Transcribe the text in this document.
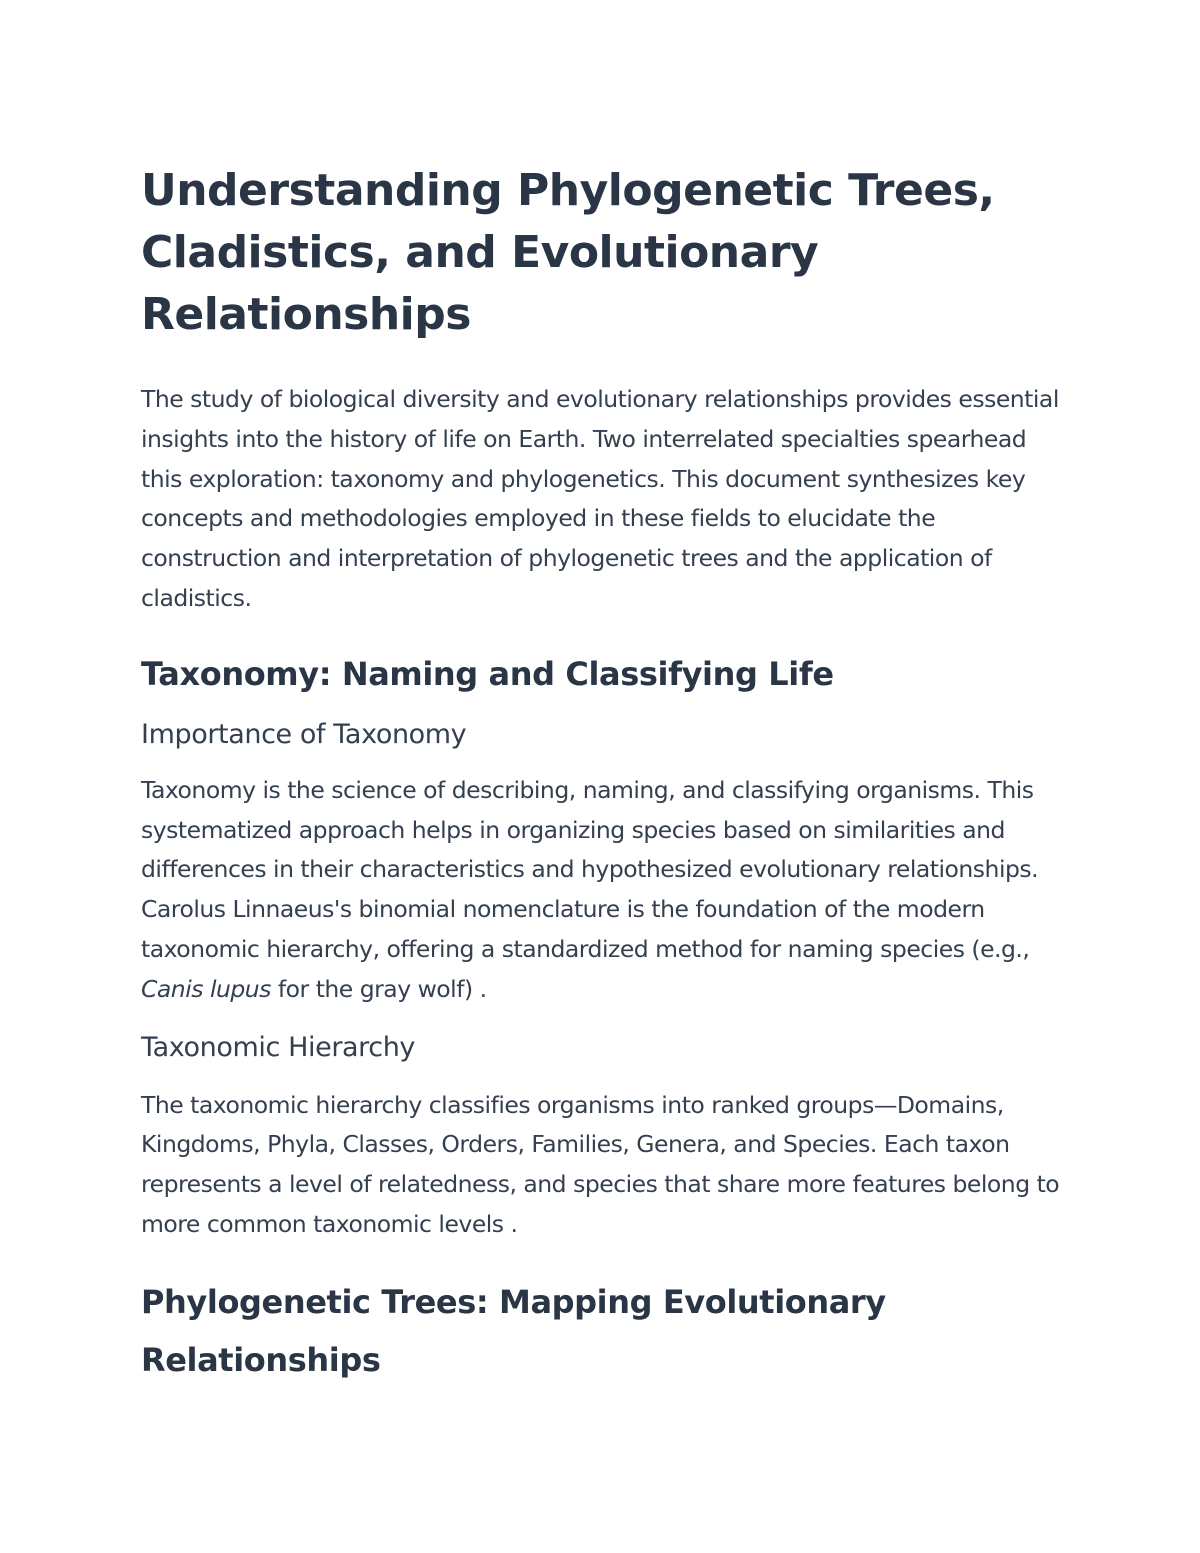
Understanding Phylogenetic Trees, Cladistics, and Evolutionary Relationships

The study of biological diversity and evolutionary relationships provides essential insights into the history of life on Earth. Two interrelated specialties spearhead this exploration: taxonomy and phylogenetics. This document synthesizes key concepts and methodologies employed in these fields to elucidate the construction and interpretation of phylogenetic trees and the application of cladistics.

Taxonomy: Naming and Classifying Life
Importance of Taxonomy

Taxonomy is the science of describing, naming, and classifying organisms. This systematized approach helps in organizing species based on similarities and differences in their characteristics and hypothesized evolutionary relationships. Carolus Linnaeus's binomial nomenclature is the foundation of the modern taxonomic hierarchy, offering a standardized method for naming species (e.g., Canis lupus for the gray wolf) .

Taxonomic Hierarchy

The taxonomic hierarchy classifies organisms into ranked groups—Domains, Kingdoms, Phyla, Classes, Orders, Families, Genera, and Species. Each taxon represents a level of relatedness, and species that share more features belong to more common taxonomic levels .

Phylogenetic Trees: Mapping Evolutionary Relationships
